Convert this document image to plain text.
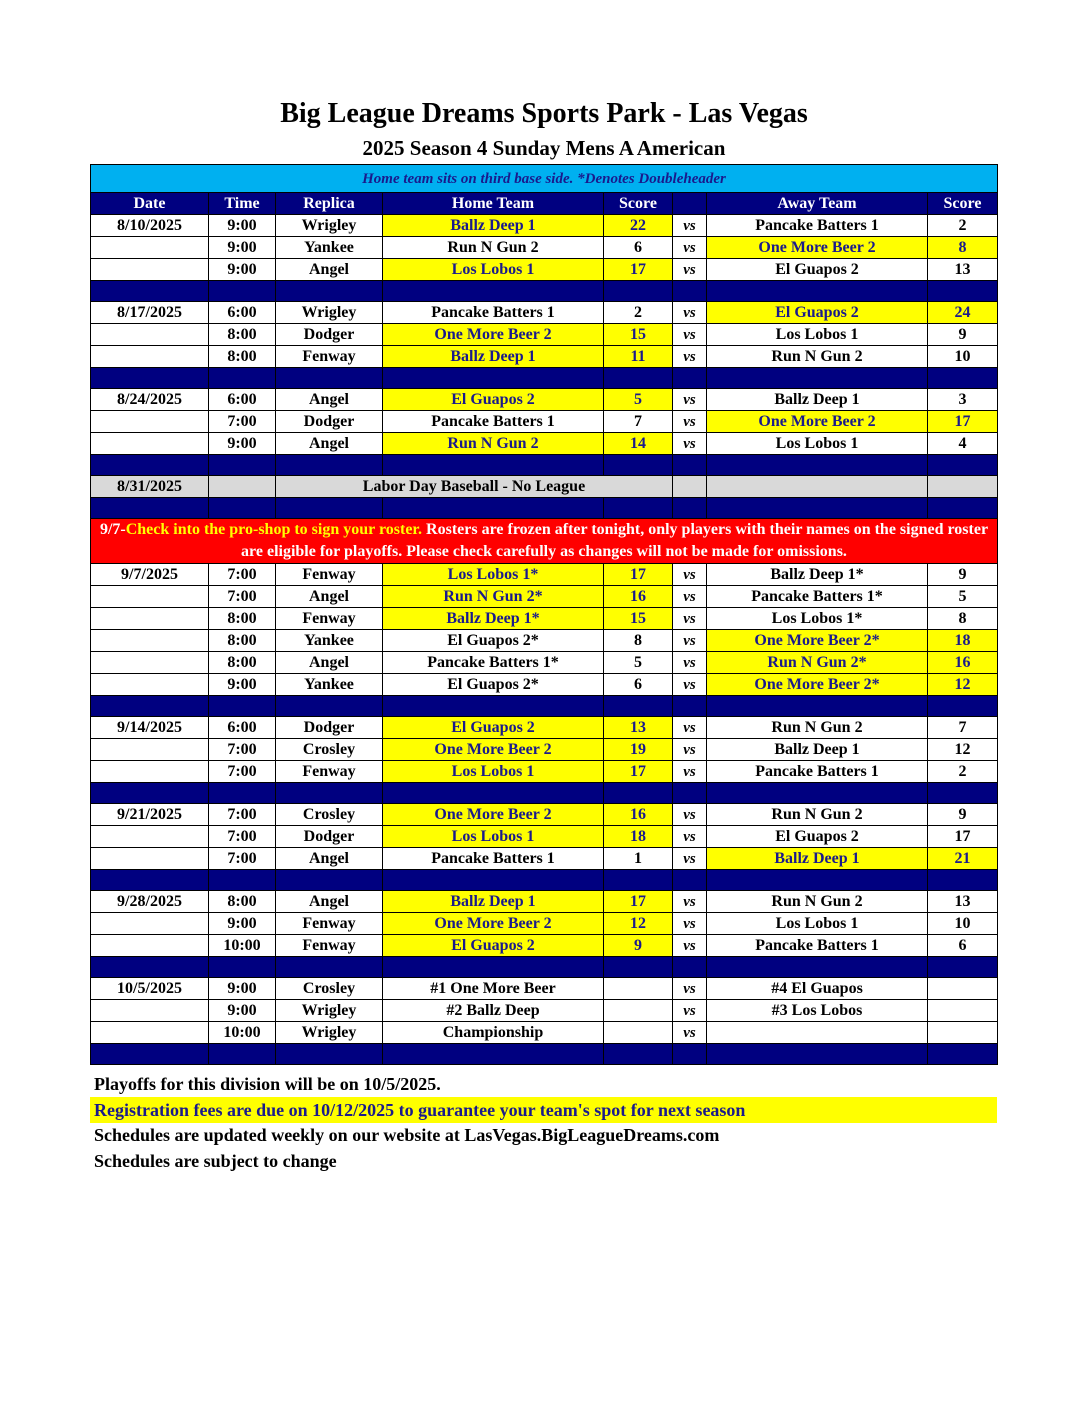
Big League Dreams Sports Park - Las Vegas
2025 Season 4 Sunday Mens A American
Home team sits on third base side. *Denotes Doubleheader							
Date	Time	Replica	Home Team	Score		Away Team	Score
8/10/2025	9:00	Wrigley	Ballz Deep 1	22	vs	Pancake Batters 1	2
	9:00	Yankee	Run N Gun 2	6	vs	One More Beer 2	8
	9:00	Angel	Los Lobos 1	17	vs	El Guapos 2	13

8/17/2025	6:00	Wrigley	Pancake Batters 1	2	vs	El Guapos 2	24
	8:00	Dodger	One More Beer 2	15	vs	Los Lobos 1	9
	8:00	Fenway	Ballz Deep 1	11	vs	Run N Gun 2	10

8/24/2025	6:00	Angel	El Guapos 2	5	vs	Ballz Deep 1	3
	7:00	Dodger	Pancake Batters 1	7	vs	One More Beer 2	17
	9:00	Angel	Run N Gun 2	14	vs	Los Lobos 1	4

8/31/2025		Labor Day Baseball - No League					

9/7-Check into the pro-shop to sign your roster. Rosters are frozen after tonight, only players with their names on the signed roster are eligible for playoffs. Please check carefully as changes will not be made for omissions.							
9/7/2025	7:00	Fenway	Los Lobos 1*	17	vs	Ballz Deep 1*	9
	7:00	Angel	Run N Gun 2*	16	vs	Pancake Batters 1*	5
	8:00	Fenway	Ballz Deep 1*	15	vs	Los Lobos 1*	8
	8:00	Yankee	El Guapos 2*	8	vs	One More Beer 2*	18
	8:00	Angel	Pancake Batters 1*	5	vs	Run N Gun 2*	16
	9:00	Yankee	El Guapos 2*	6	vs	One More Beer 2*	12

9/14/2025	6:00	Dodger	El Guapos 2	13	vs	Run N Gun 2	7
	7:00	Crosley	One More Beer 2	19	vs	Ballz Deep 1	12
	7:00	Fenway	Los Lobos 1	17	vs	Pancake Batters 1	2

9/21/2025	7:00	Crosley	One More Beer 2	16	vs	Run N Gun 2	9
	7:00	Dodger	Los Lobos 1	18	vs	El Guapos 2	17
	7:00	Angel	Pancake Batters 1	1	vs	Ballz Deep 1	21

9/28/2025	8:00	Angel	Ballz Deep 1	17	vs	Run N Gun 2	13
	9:00	Fenway	One More Beer 2	12	vs	Los Lobos 1	10
	10:00	Fenway	El Guapos 2	9	vs	Pancake Batters 1	6

10/5/2025	9:00	Crosley	#1 One More Beer		vs	#4 El Guapos	
	9:00	Wrigley	#2 Ballz Deep		vs	#3 Los Lobos	
	10:00	Wrigley	Championship		vs		

Playoffs for this division will be on 10/5/2025.
Registration fees are due on 10/12/2025 to guarantee your team's spot for next season
Schedules are updated weekly on our website at LasVegas.BigLeagueDreams.com
Schedules are subject to change
